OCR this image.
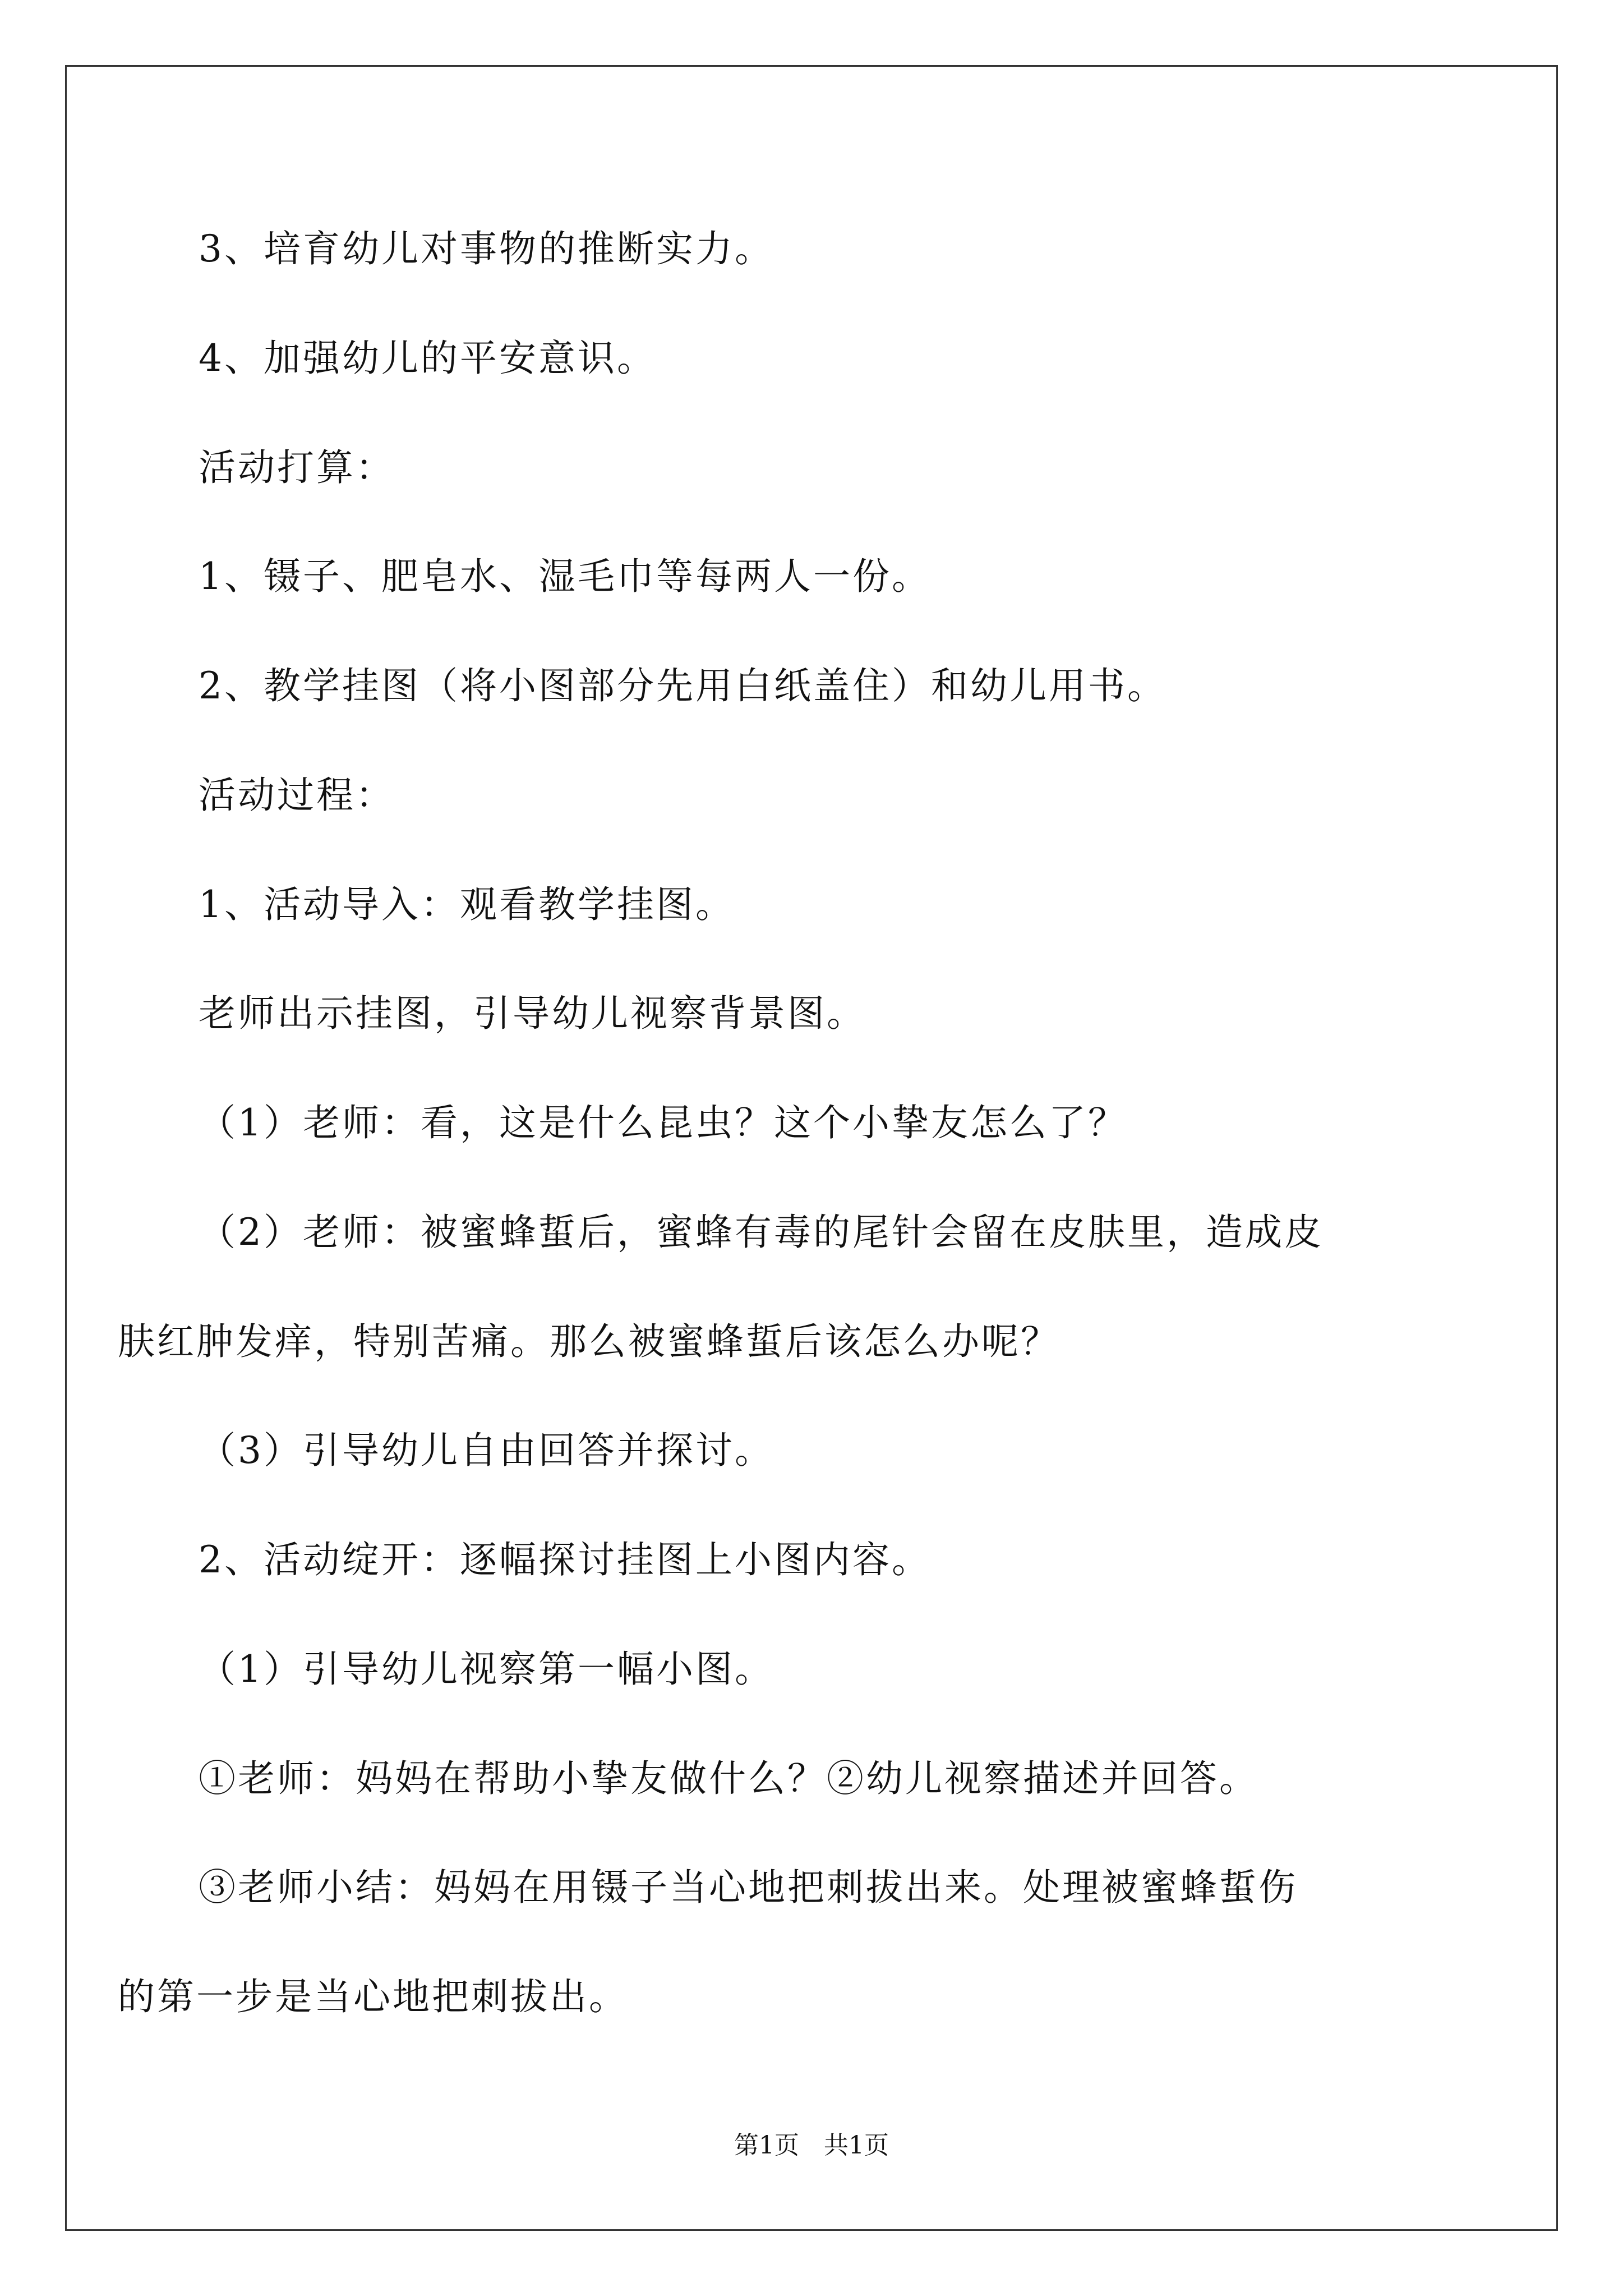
3、培育幼儿对事物的推断实力。
4、加强幼儿的平安意识。
活动打算：
1、镊子、肥皂水、湿毛巾等每两人一份。
2、教学挂图（将小图部分先用白纸盖住）和幼儿用书。
活动过程：
1、活动导入：观看教学挂图。
老师出示挂图，引导幼儿视察背景图。
（1）老师：看，这是什么昆虫？这个小挚友怎么了？
（2）老师：被蜜蜂蜇后，蜜蜂有毒的尾针会留在皮肤里，造成皮
肤红肿发痒，特别苦痛。那么被蜜蜂蜇后该怎么办呢？
（3）引导幼儿自由回答并探讨。
2、活动绽开：逐幅探讨挂图上小图内容。
（1）引导幼儿视察第一幅小图。
①老师：妈妈在帮助小挚友做什么？②幼儿视察描述并回答。
③老师小结：妈妈在用镊子当心地把刺拔出来。处理被蜜蜂蜇伤
的第一步是当心地把刺拔出。
第1页　共1页
